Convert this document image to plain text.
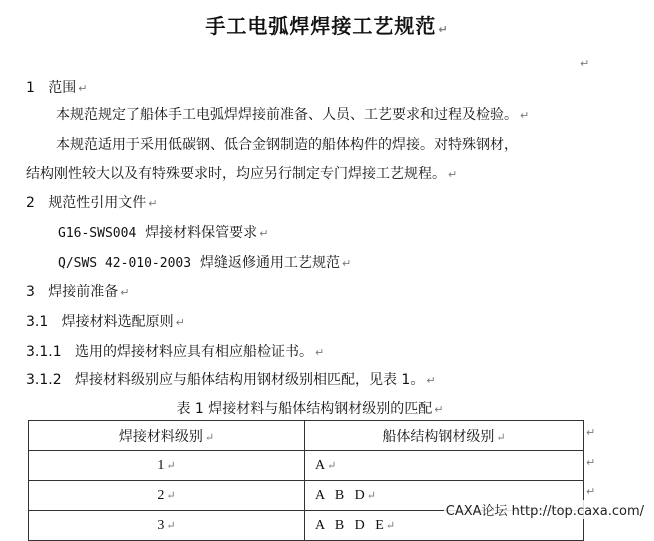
手工电弧焊焊接工艺规范 ↵
↵
1 范围 ↵
本规范规定了船体手工电弧焊焊接前准备、人员、工艺要求和过程及检验。 ↵
本规范适用于采用低碳钢、低合金钢制造的船体构件的焊接。对特殊钢材，
结构刚性较大以及有特殊要求时，均应另行制定专门焊接工艺规程。 ↵
2 规范性引用文件 ↵
G16-SWS004 焊接材料保管要求 ↵
Q/SWS 42-010-2003 焊缝返修通用工艺规范 ↵
3 焊接前准备 ↵
3.1 焊接材料选配原则 ↵
3.1.1 选用的焊接材料应具有相应船检证书。 ↵
3.1.2 焊接材料级别应与船体结构用钢材级别相匹配，见表 1。 ↵
表 1 焊接材料与船体结构钢材级别的匹配 ↵
焊接材料级别 ↵	船体结构钢材级别 ↵
1 ↵	A ↵
2 ↵	A   B   D ↵
3 ↵	A   B   D   E ↵
↵
↵
↵
CAXA论坛 http://top.caxa.com/
